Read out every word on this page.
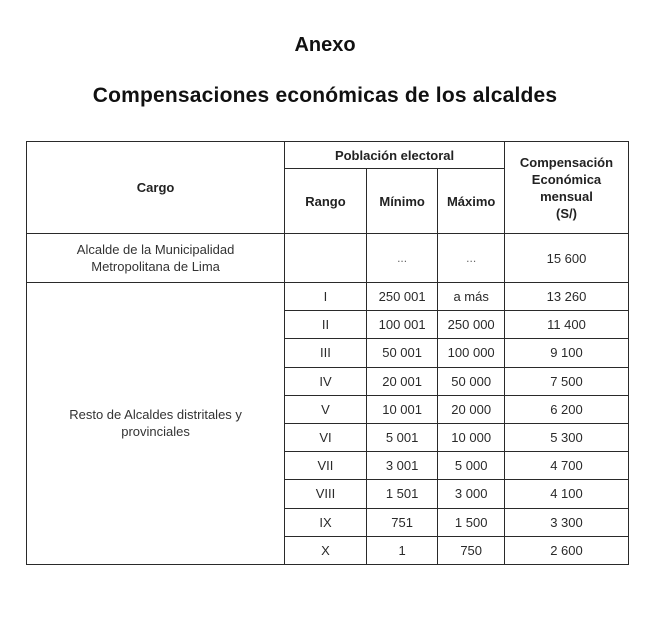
Anexo
Compensaciones económicas de los alcaldes
Cargo	Población electoral			Compensación
Económica
mensual
(S/)
	Rango	Mínimo	Máximo	
Alcalde de la Municipalidad
Metropolitana de Lima		...	...	15 600
Resto de Alcaldes distritales y
provinciales	I	250 001	a más	13 260
	II	100 001	250 000	11 400
	III	50 001	100 000	9 100
	IV	20 001	50 000	7 500
	V	10 001	20 000	6 200
	VI	5 001	10 000	5 300
	VII	3 001	5 000	4 700
	VIII	1 501	3 000	4 100
	IX	751	1 500	3 300
	X	1	750	2 600
